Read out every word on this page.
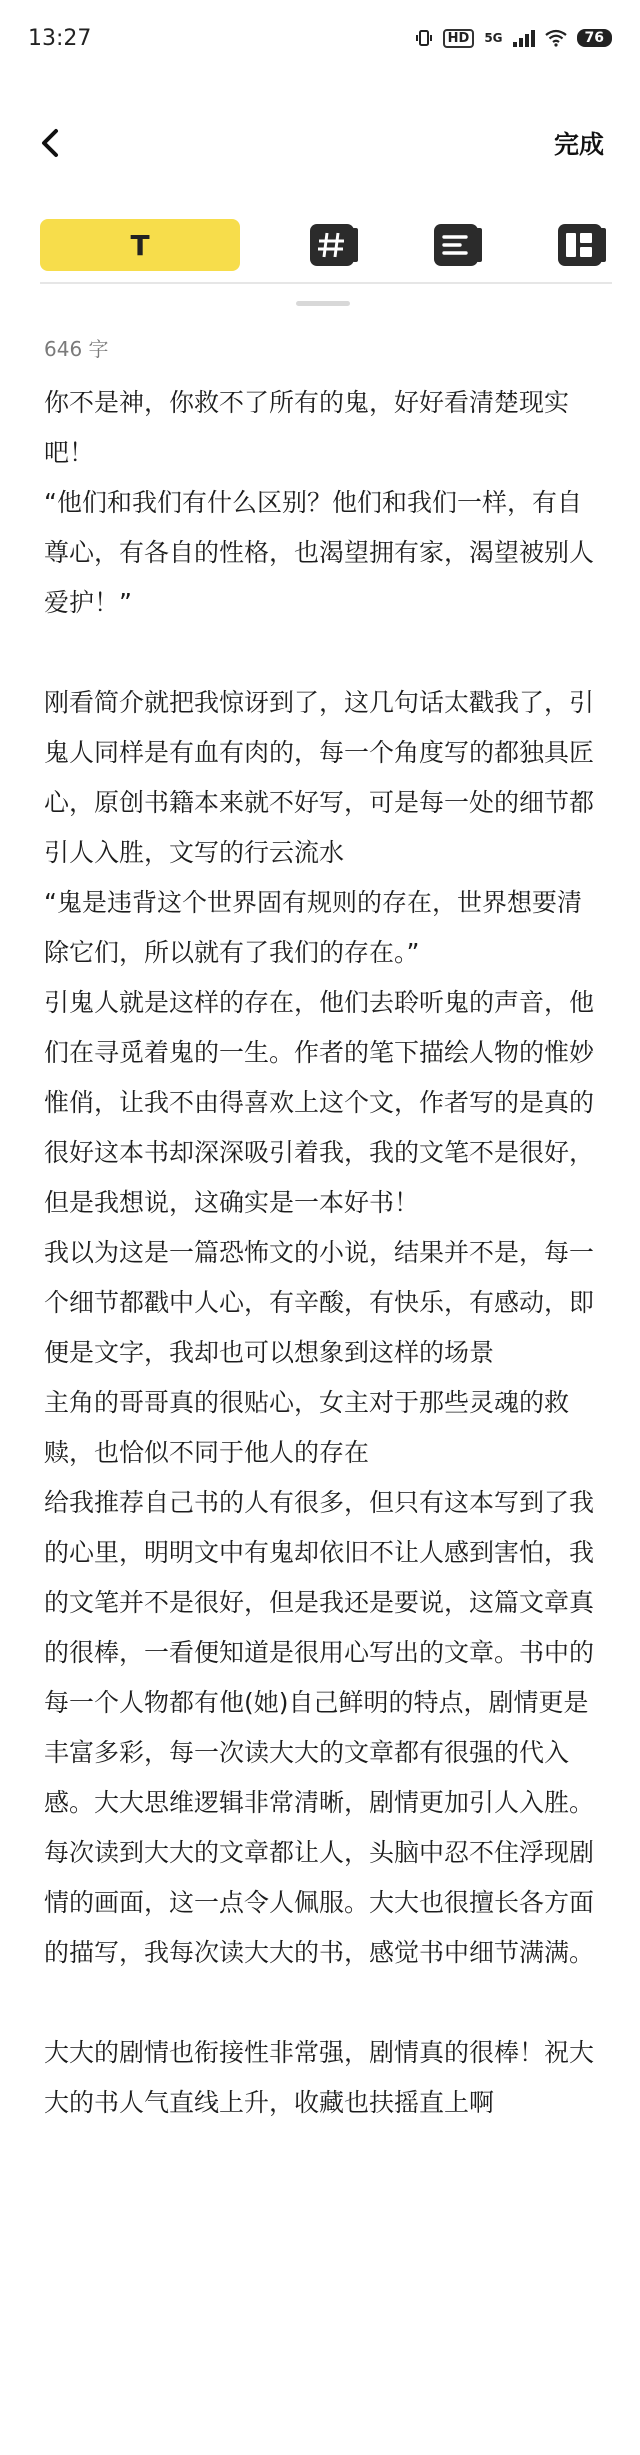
13:27	HD	5G	76
完成
T
646 字

你不是神，你救不了所有的鬼，好好看清楚现实吧！

“他们和我们有什么区别？他们和我们一样，有自尊心，有各自的性格，也渴望拥有家，渴望被别人爱护！”

刚看简介就把我惊讶到了，这几句话太戳我了，引鬼人同样是有血有肉的，每一个角度写的都独具匠心，原创书籍本来就不好写，可是每一处的细节都引人入胜，文写的行云流水

“鬼是违背这个世界固有规则的存在，世界想要清除它们，所以就有了我们的存在。”

引鬼人就是这样的存在，他们去聆听鬼的声音，他们在寻觅着鬼的一生。作者的笔下描绘人物的惟妙惟俏，让我不由得喜欢上这个文，作者写的是真的很好这本书却深深吸引着我，我的文笔不是很好，但是我想说，这确实是一本好书！

我以为这是一篇恐怖文的小说，结果并不是，每一个细节都戳中人心，有辛酸，有快乐，有感动，即便是文字，我却也可以想象到这样的场景

主角的哥哥真的很贴心，女主对于那些灵魂的救赎，也恰似不同于他人的存在

给我推荐自己书的人有很多，但只有这本写到了我的心里，明明文中有鬼却依旧不让人感到害怕，我的文笔并不是很好，但是我还是要说，这篇文章真的很棒，一看便知道是很用心写出的文章。书中的每一个人物都有他(她)自己鲜明的特点，剧情更是丰富多彩，每一次读大大的文章都有很强的代入感。大大思维逻辑非常清晰，剧情更加引人入胜。每次读到大大的文章都让人，头脑中忍不住浮现剧情的画面，这一点令人佩服。大大也很擅长各方面的描写，我每次读大大的书，感觉书中细节满满。

大大的剧情也衔接性非常强，剧情真的很棒！祝大大的书人气直线上升，收藏也扶摇直上啊
